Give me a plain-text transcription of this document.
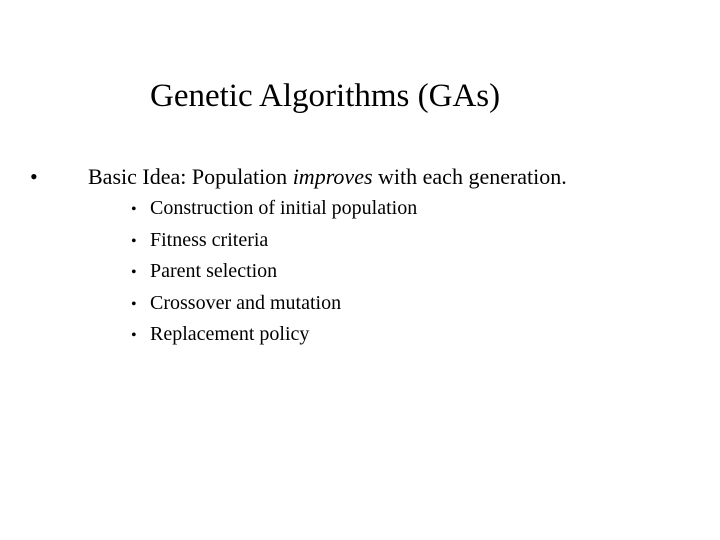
Genetic Algorithms (GAs)
• Basic Idea: Population improves with each generation.
• Construction of initial population
• Fitness criteria
• Parent selection
• Crossover and mutation
• Replacement policy
